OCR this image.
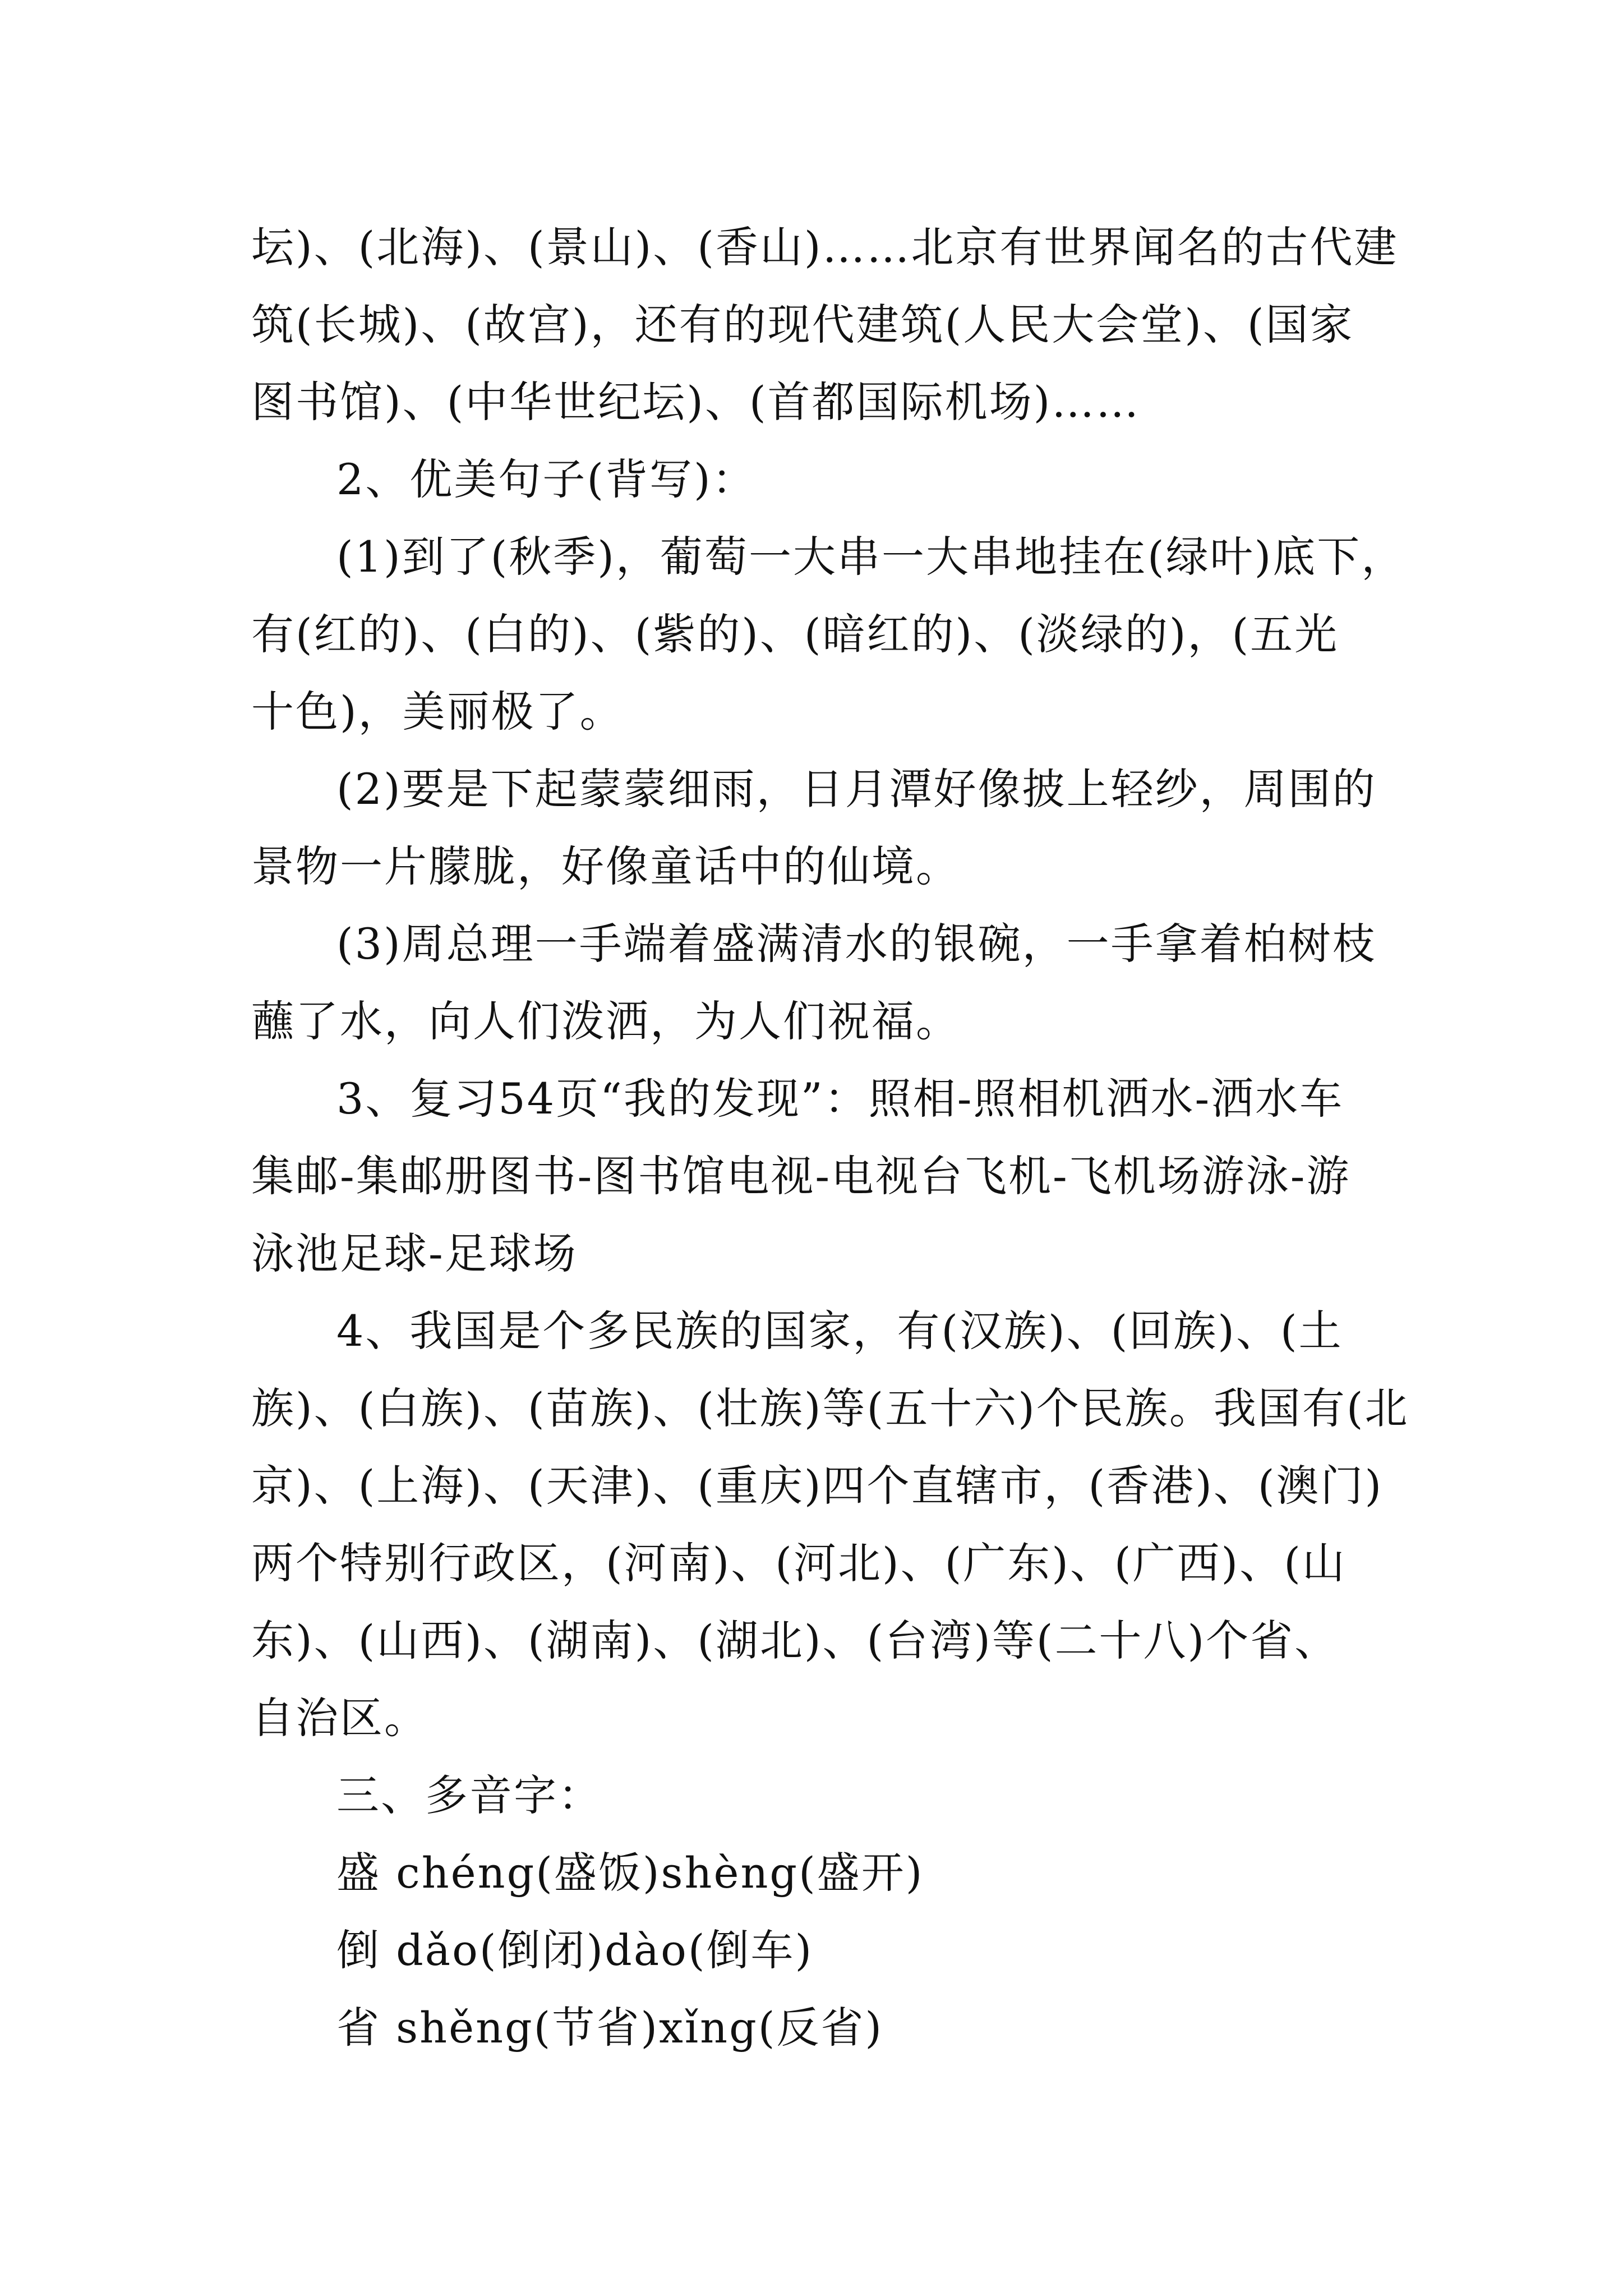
坛)、(北海)、(景山)、(香山)……北京有世界闻名的古代建
筑(长城)、(故宫)，还有的现代建筑(人民大会堂)、(国家
图书馆)、(中华世纪坛)、(首都国际机场)……
2、优美句子(背写)：
(1)到了(秋季)，葡萄一大串一大串地挂在(绿叶)底下，
有(红的)、(白的)、(紫的)、(暗红的)、(淡绿的)，(五光
十色)，美丽极了。
(2)要是下起蒙蒙细雨，日月潭好像披上轻纱，周围的
景物一片朦胧，好像童话中的仙境。
(3)周总理一手端着盛满清水的银碗，一手拿着柏树枝
蘸了水，向人们泼洒，为人们祝福。
3、复习54页“我的发现”：照相-照相机洒水-洒水车
集邮-集邮册图书-图书馆电视-电视台飞机-飞机场游泳-游
泳池足球-足球场
4、我国是个多民族的国家，有(汉族)、(回族)、(土
族)、(白族)、(苗族)、(壮族)等(五十六)个民族。我国有(北
京)、(上海)、(天津)、(重庆)四个直辖市，(香港)、(澳门)
两个特别行政区，(河南)、(河北)、(广东)、(广西)、(山
东)、(山西)、(湖南)、(湖北)、(台湾)等(二十八)个省、
自治区。
三、多音字：
盛 chéng(盛饭)shèng(盛开)
倒 dǎo(倒闭)dào(倒车)
省 shěng(节省)xǐng(反省)
